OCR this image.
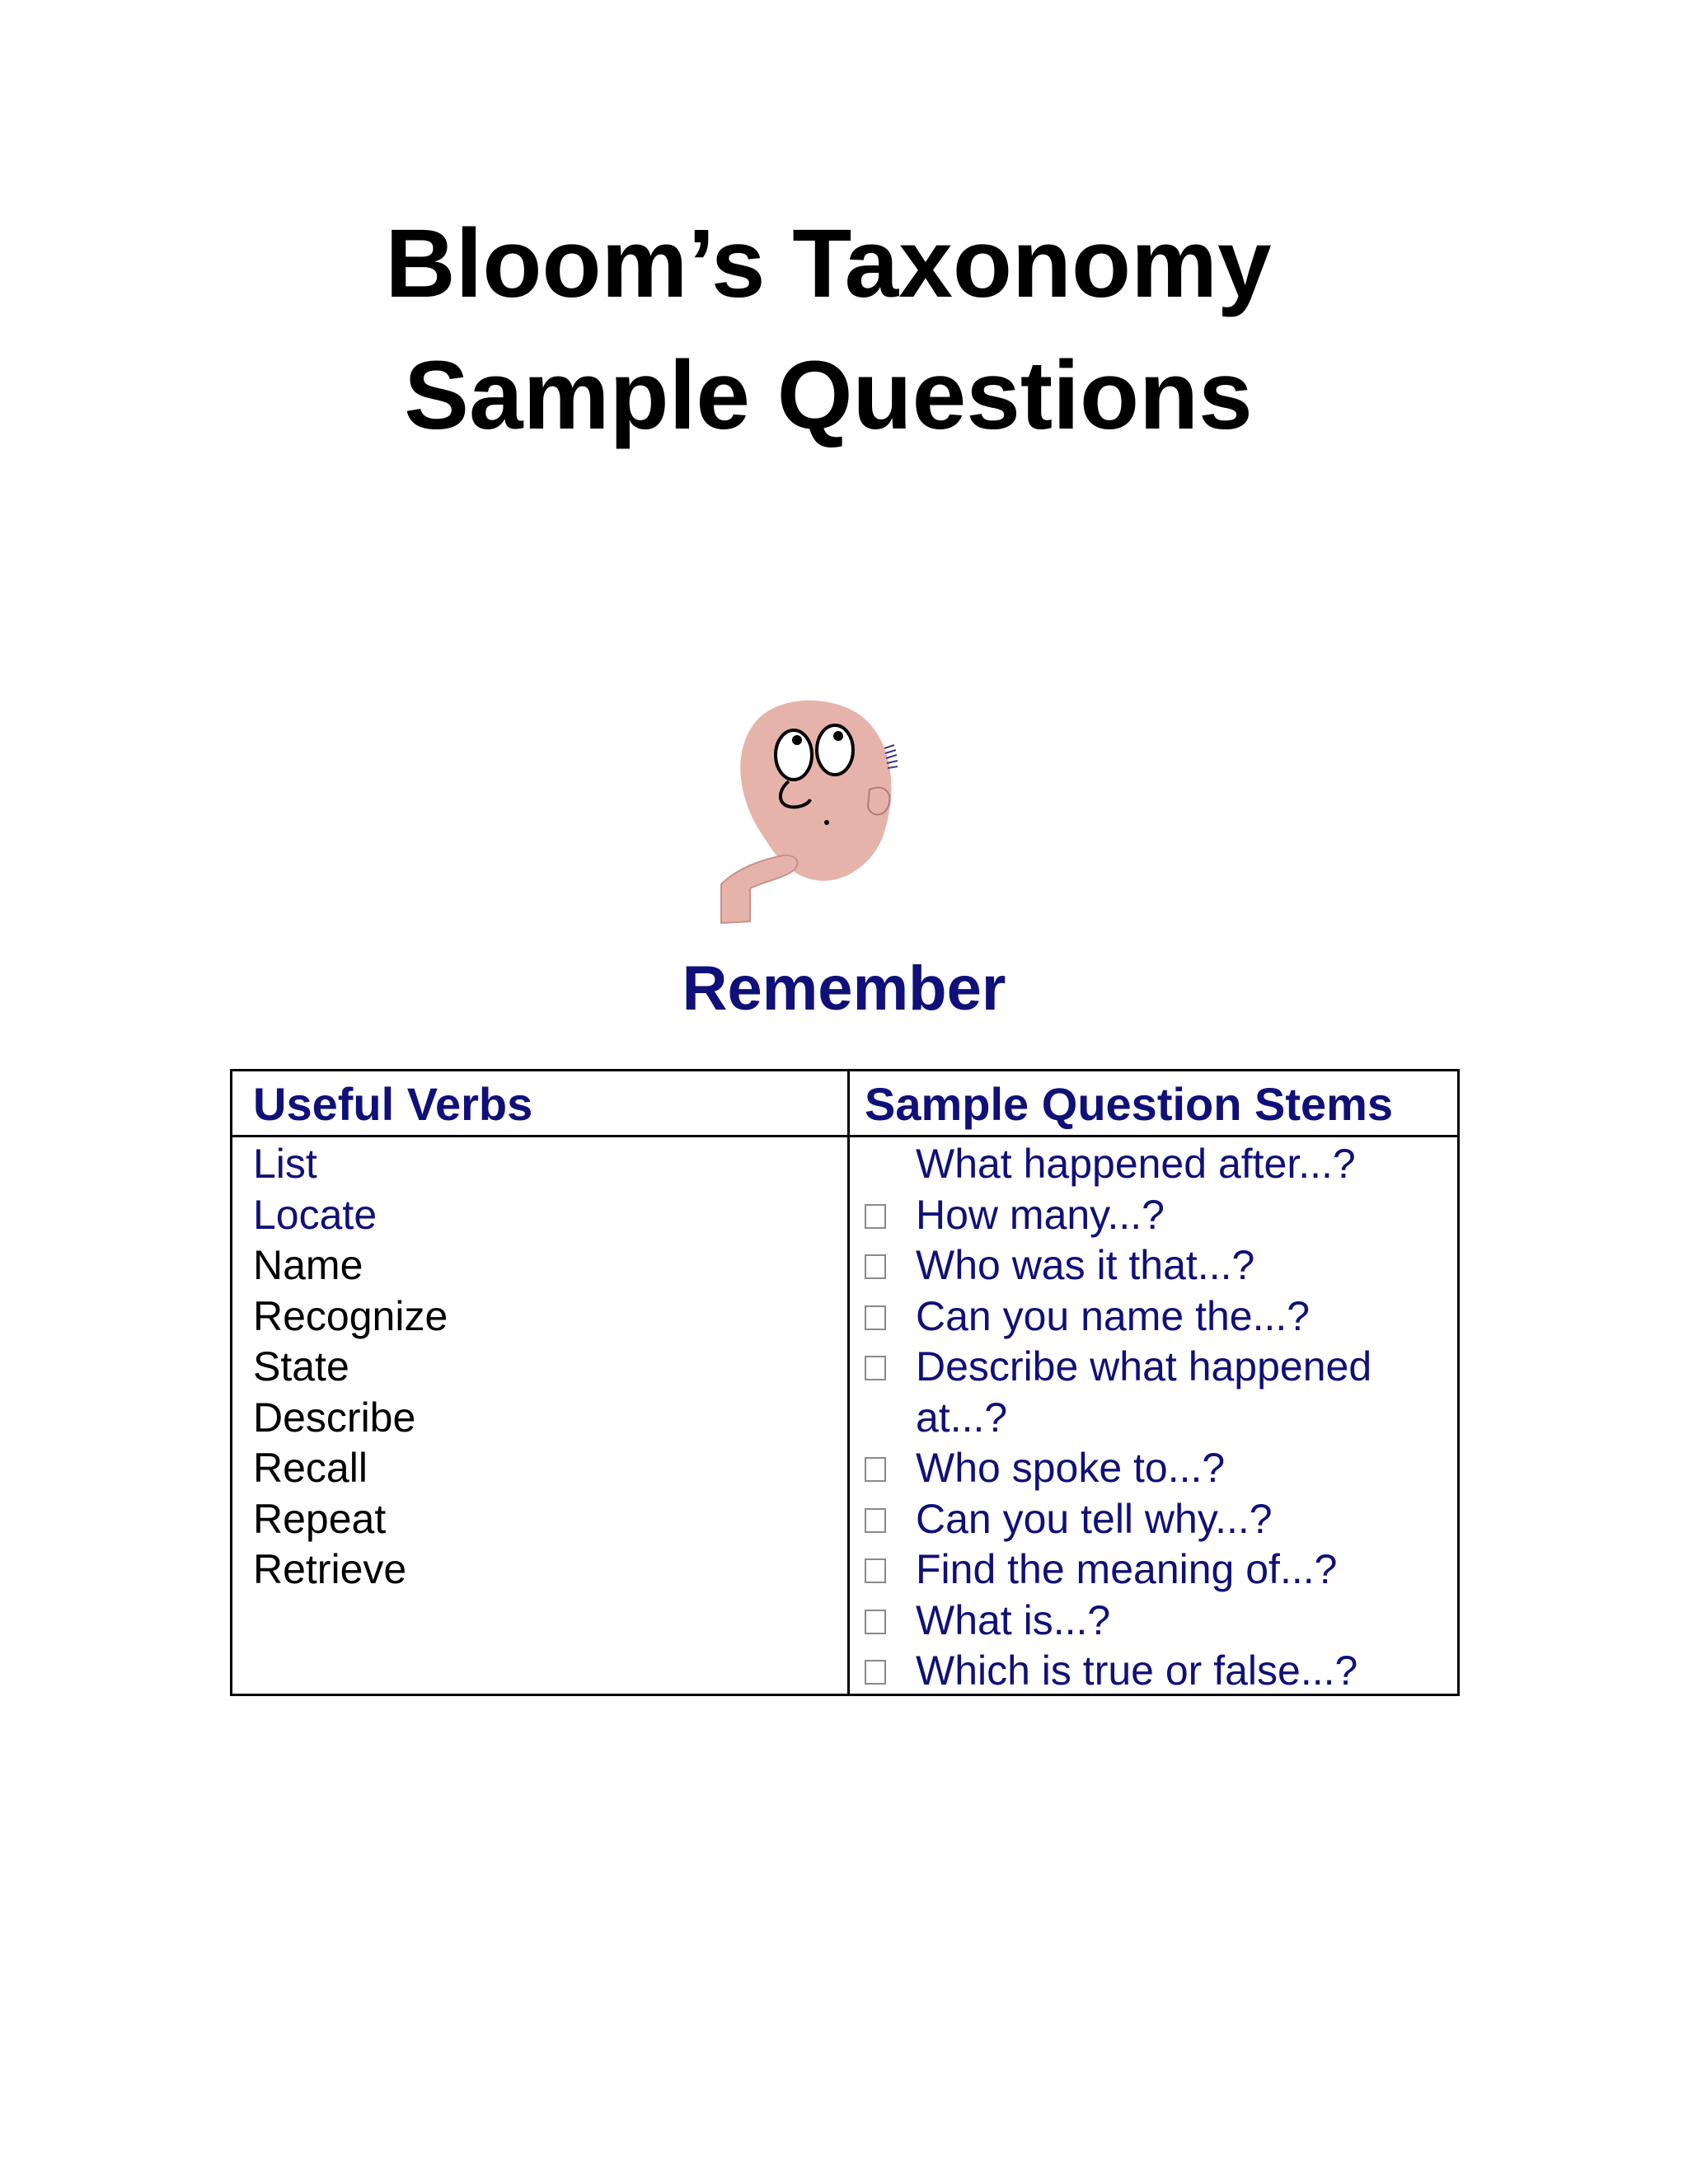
Bloom’s Taxonomy
Sample Questions
Remember
Useful Verbs	Sample Question Stems
List
Locate
Name
Recognize
State
Describe
Recall
Repeat
Retrieve
What happened after...?
How many...?
Who was it that...?
Can you name the...?
Describe what happened
at...?
Who spoke to...?
Can you tell why...?
Find the meaning of...?
What is...?
Which is true or false...?
